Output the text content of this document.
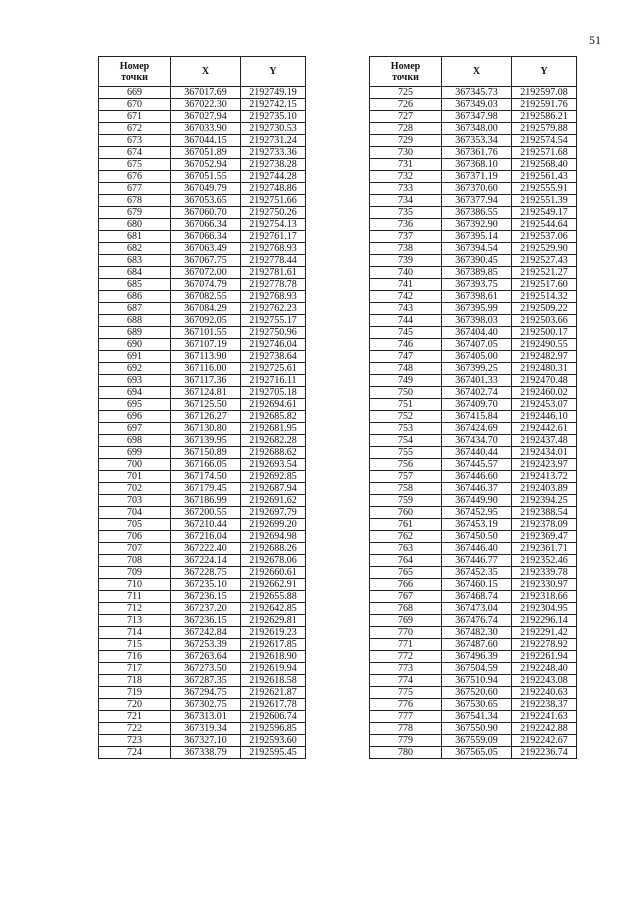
51
Номер
точки	X	Y
669	367017.69	2192749.19
670	367022.30	2192742.15
671	367027.94	2192735.10
672	367033.90	2192730.53
673	367044.15	2192731.24
674	367051.89	2192733.36
675	367052.94	2192738.28
676	367051.55	2192744.28
677	367049.79	2192748.86
678	367053.65	2192751.66
679	367060.70	2192750.26
680	367066.34	2192754.13
681	367066.34	2192761.17
682	367063.49	2192768.93
683	367067.75	2192778.44
684	367072.00	2192781.61
685	367074.79	2192778.78
686	367082.55	2192768.93
687	367084.29	2192762.23
688	367092.05	2192755.17
689	367101.55	2192750.96
690	367107.19	2192746.04
691	367113.90	2192738.64
692	367116.00	2192725.61
693	367117.36	2192716.11
694	367124.81	2192705.18
695	367125.50	2192694.61
696	367126.27	2192685.82
697	367130.80	2192681.95
698	367139.95	2192682.28
699	367150.89	2192688.62
700	367166.05	2192693.54
701	367174.50	2192692.85
702	367179.45	2192687.94
703	367186.99	2192691.62
704	367200.55	2192697.79
705	367210.44	2192699.20
706	367216.04	2192694.98
707	367222.40	2192688.26
708	367224.14	2192678.06
709	367228.75	2192660.61
710	367235.10	2192662.91
711	367236.15	2192655.88
712	367237.20	2192642.85
713	367236.15	2192629.81
714	367242.84	2192619.23
715	367253.39	2192617.85
716	367263.64	2192618.90
717	367273.50	2192619.94
718	367287.35	2192618.58
719	367294.75	2192621.87
720	367302.75	2192617.78
721	367313.01	2192606.74
722	367319.34	2192596.85
723	367327.10	2192593.60
724	367338.79	2192595.45
Номер
точки	X	Y
725	367345.73	2192597.08
726	367349.03	2192591.76
727	367347.98	2192586.21
728	367348.00	2192579.88
729	367353.34	2192574.54
730	367361.76	2192571.68
731	367368.10	2192568.40
732	367371.19	2192561.43
733	367370.60	2192555.91
734	367377.94	2192551.39
735	367386.55	2192549.17
736	367392.90	2192544.64
737	367395.14	2192537.06
738	367394.54	2192529.90
739	367390.45	2192527.43
740	367389.85	2192521.27
741	367393.75	2192517.60
742	367398.61	2192514.32
743	367395.99	2192509.22
744	367398.03	2192503.66
745	367404.40	2192500.17
746	367407.05	2192490.55
747	367405.00	2192482.97
748	367399.25	2192480.31
749	367401.33	2192470.48
750	367402.74	2192460.02
751	367409.70	2192453.07
752	367415.84	2192446.10
753	367424.69	2192442.61
754	367434.70	2192437.48
755	367440.44	2192434.01
756	367445.57	2192423.97
757	367446.60	2192413.72
758	367446.37	2192403.89
759	367449.90	2192394.25
760	367452.95	2192388.54
761	367453.19	2192378.09
762	367450.50	2192369.47
763	367446.40	2192361.71
764	367446.77	2192352.46
765	367452.35	2192339.78
766	367460.15	2192330.97
767	367468.74	2192318.66
768	367473.04	2192304.95
769	367476.74	2192296.14
770	367482.30	2192291.42
771	367487.60	2192278.92
772	367496.39	2192261.94
773	367504.59	2192248.40
774	367510.94	2192243.08
775	367520.60	2192240.63
776	367530.65	2192238.37
777	367541.34	2192241.63
778	367550.90	2192242.88
779	367559.09	2192242.67
780	367565.05	2192236.74
